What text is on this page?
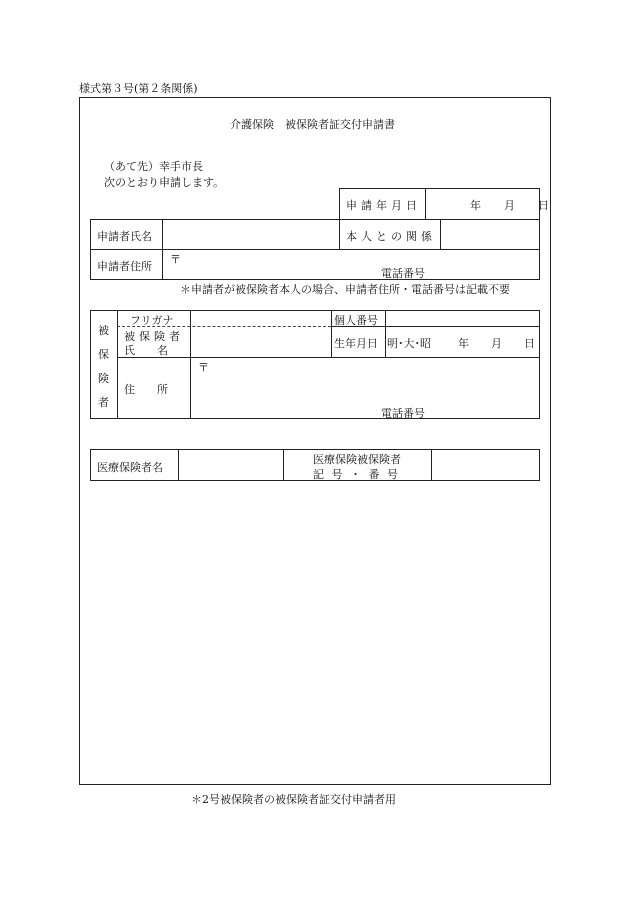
様式第３号(第２条関係)
介護保険　被保険者証交付申請書
（あて先）幸手市長
次のとおり申請します。
申請年月日	年　月　日
申請者氏名	本人との関係
申請者住所
〒
電話番号
＊申請者が被保険者本人の場合、申請者住所・電話番号は記載不要
被
保
険
者
フリガナ
被保険者
氏　　名
個人番号
生年月日 明･大･昭 年　　月　　日
住　　所
〒
電話番号
医療保険者名
医療保険被保険者
記 号 ・ 番 号
＊2号被保険者の被保険者証交付申請者用
